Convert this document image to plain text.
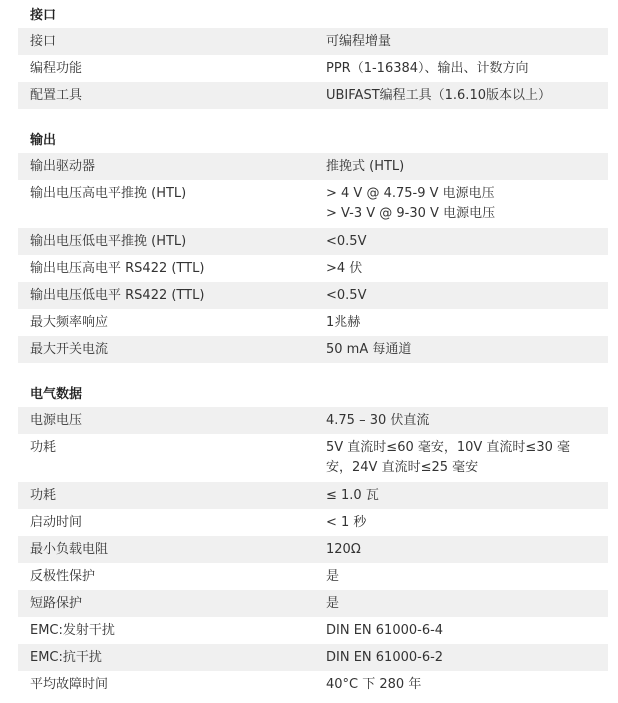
接口
接口	可编程增量

编程功能	PPR（1-16384）、输出、计数方向

配置工具	UBIFAST编程工具（1.6.10版本以上）
输出
输出驱动器	推挽式 (HTL)

输出电压高电平推挽 (HTL)	> 4 V @ 4.75-9 V 电源电压
> V-3 V @ 9-30 V 电源电压

输出电压低电平推挽 (HTL)	<0.5V

输出电压高电平 RS422 (TTL)	>4 伏

输出电压低电平 RS422 (TTL)	<0.5V

最大频率响应	1兆赫

最大开关电流	50 mA 每通道
电气数据
电源电压	4.75 – 30 伏直流

功耗	5V 直流时≤60 毫安，10V 直流时≤30 毫
安，24V 直流时≤25 毫安

功耗	≤ 1.0 瓦

启动时间	< 1 秒

最小负载电阻	120Ω

反极性保护	是

短路保护	是

EMC:发射干扰	DIN EN 61000-6-4

EMC:抗干扰	DIN EN 61000-6-2

平均故障时间	40°C 下 280 年
